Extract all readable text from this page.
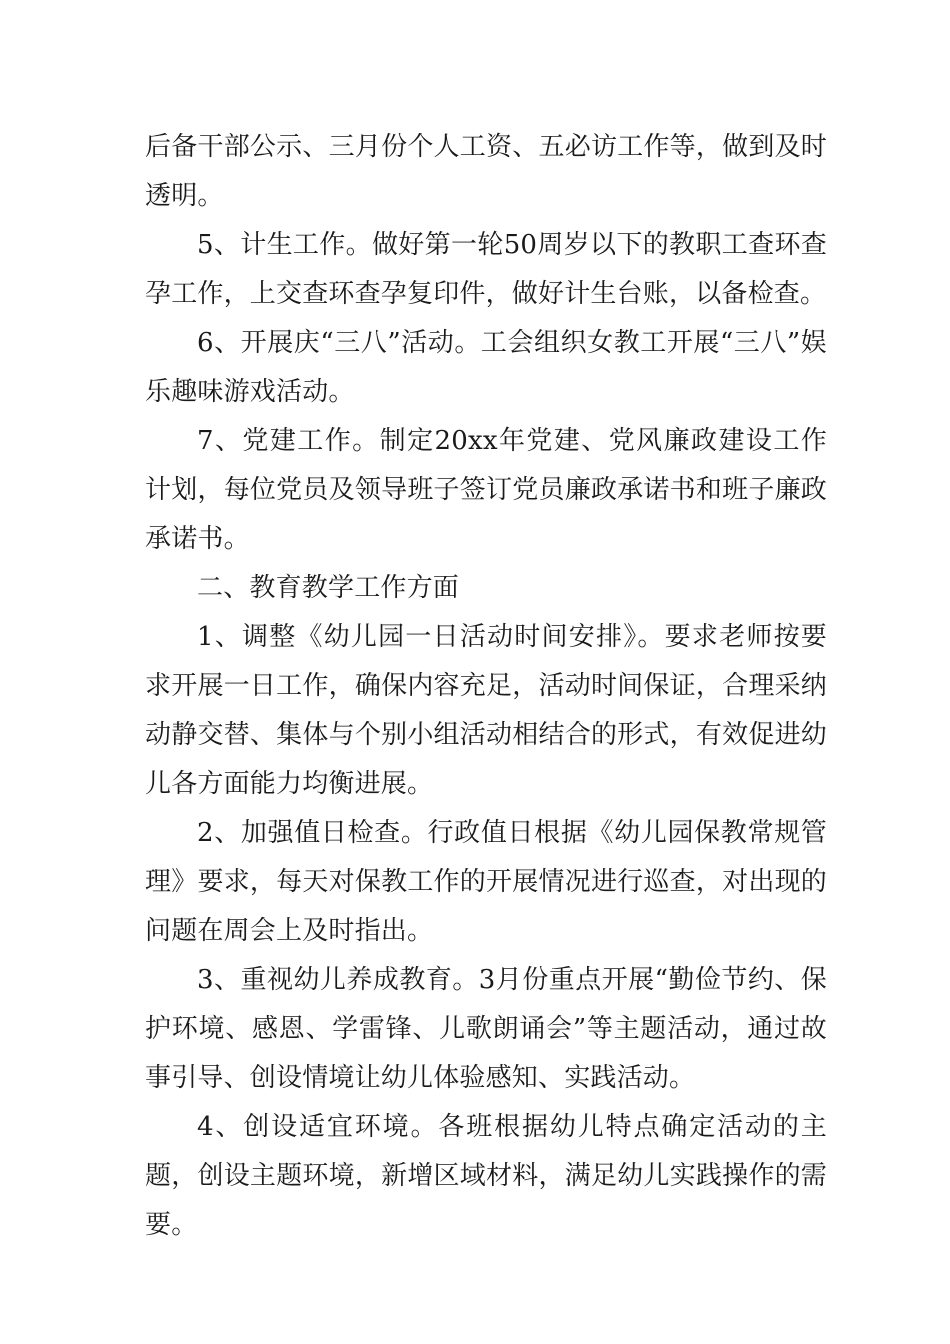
后备干部公示、三月份个人工资、五必访工作等，做到及时透明。

5、计生工作。做好第一轮50周岁以下的教职工查环查孕工作，上交查环查孕复印件，做好计生台账，以备检查。

6、开展庆“三八”活动。工会组织女教工开展“三八”娱乐趣味游戏活动。

7、党建工作。制定20xx年党建、党风廉政建设工作计划，每位党员及领导班子签订党员廉政承诺书和班子廉政承诺书。

二、教育教学工作方面

1、调整《幼儿园一日活动时间安排》。要求老师按要求开展一日工作，确保内容充足，活动时间保证，合理采纳动静交替、集体与个别小组活动相结合的形式，有效促进幼儿各方面能力均衡进展。

2、加强值日检查。行政值日根据《幼儿园保教常规管理》要求，每天对保教工作的开展情况进行巡查，对出现的问题在周会上及时指出。

3、重视幼儿养成教育。3月份重点开展“勤俭节约、保护环境、感恩、学雷锋、儿歌朗诵会”等主题活动，通过故事引导、创设情境让幼儿体验感知、实践活动。

4、创设适宜环境。各班根据幼儿特点确定活动的主题，创设主题环境，新增区域材料，满足幼儿实践操作的需要。
